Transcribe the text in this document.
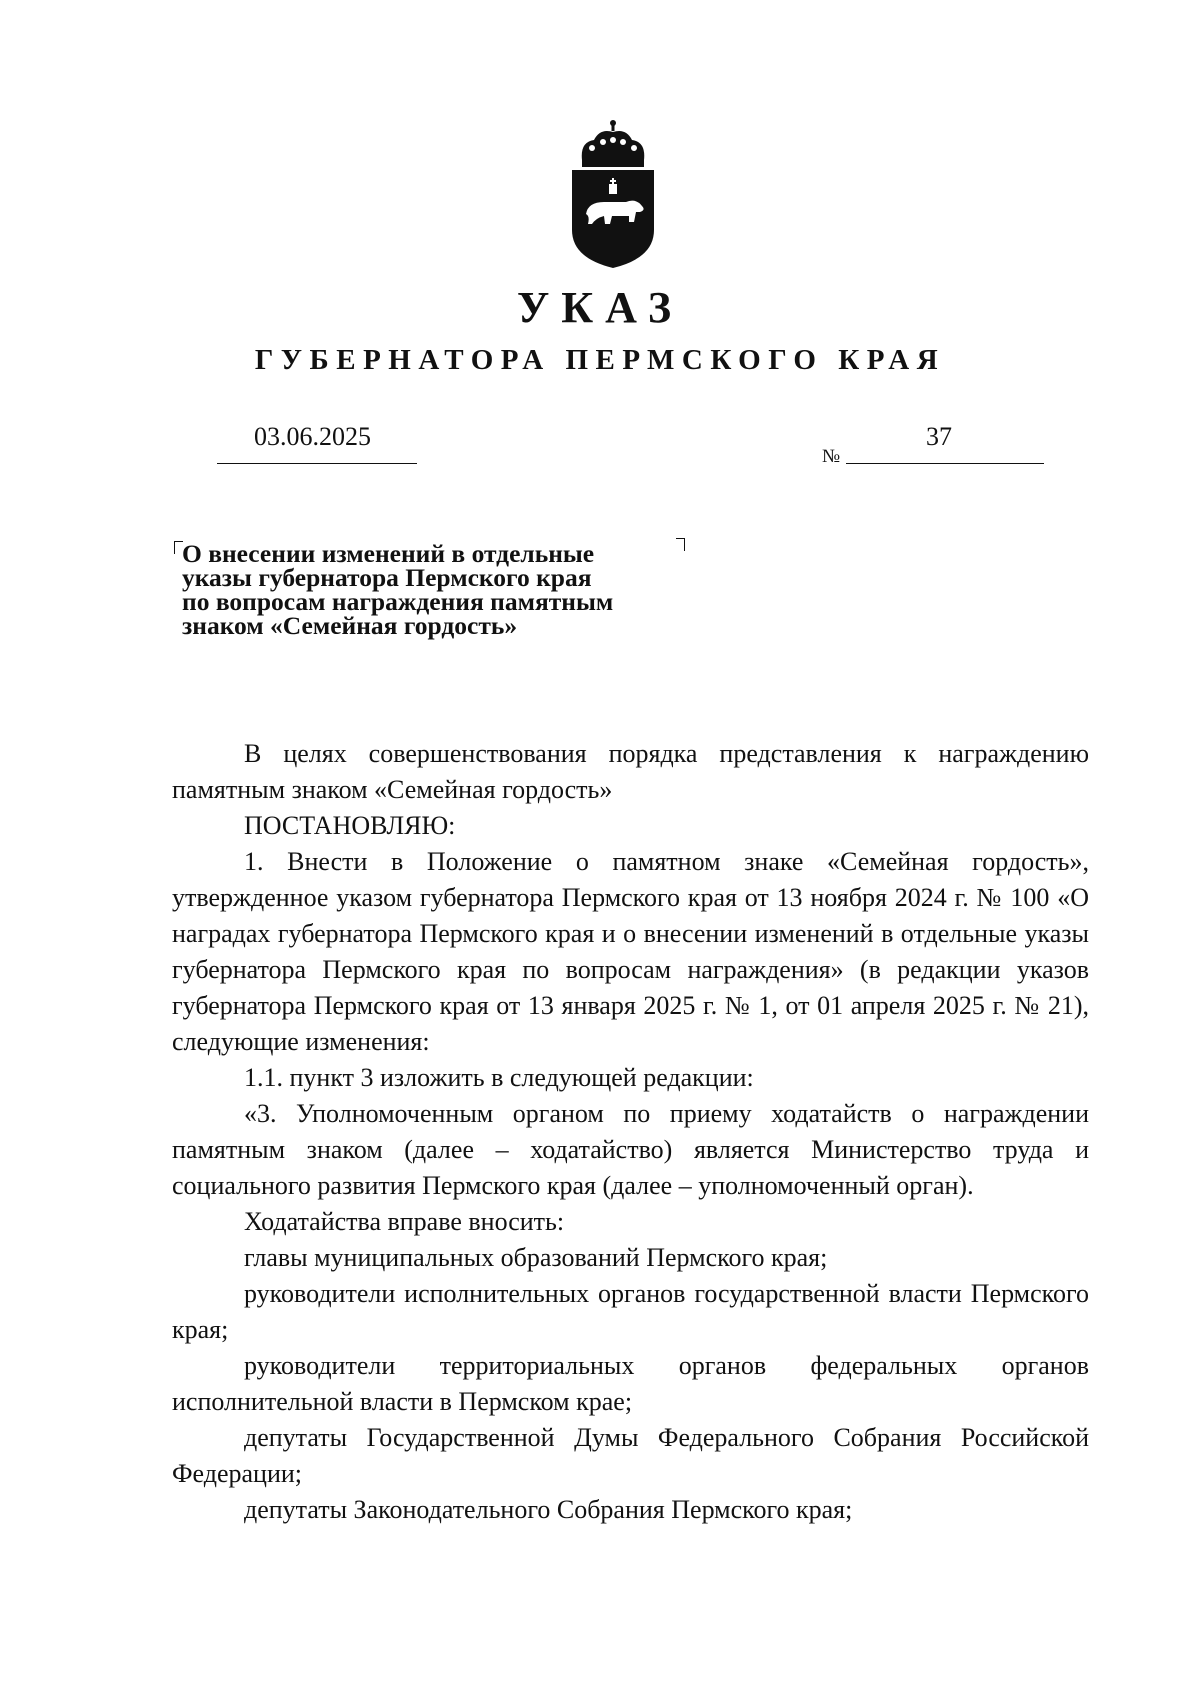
УКАЗ
ГУБЕРНАТОРА ПЕРМСКОГО КРАЯ
03.06.2025
№
37
О внесении изменений в отдельные
указы губернатора Пермского края
по вопросам награждения памятным
знаком «Семейная гордость»

В целях совершенствования порядка представления к награждению памятным знаком «Семейная гордость»

ПОСТАНОВЛЯЮ:

1. Внести в Положение о памятном знаке «Семейная гордость», утвержденное указом губернатора Пермского края от 13 ноября 2024 г. № 100 «О наградах губернатора Пермского края и о внесении изменений в отдельные указы губернатора Пермского края по вопросам награждения» (в редакции указов губернатора Пермского края от 13 января 2025 г. № 1, от 01 апреля 2025 г. № 21), следующие изменения:

1.1. пункт 3 изложить в следующей редакции:

«3. Уполномоченным органом по приему ходатайств о награждении памятным знаком (далее – ходатайство) является Министерство труда и социального развития Пермского края (далее – уполномоченный орган).

Ходатайства вправе вносить:

главы муниципальных образований Пермского края;

руководители исполнительных органов государственной власти Пермского края;

руководители территориальных органов федеральных органов исполнительной власти в Пермском крае;

депутаты Государственной Думы Федерального Собрания Российской Федерации;

депутаты Законодательного Собрания Пермского края;
